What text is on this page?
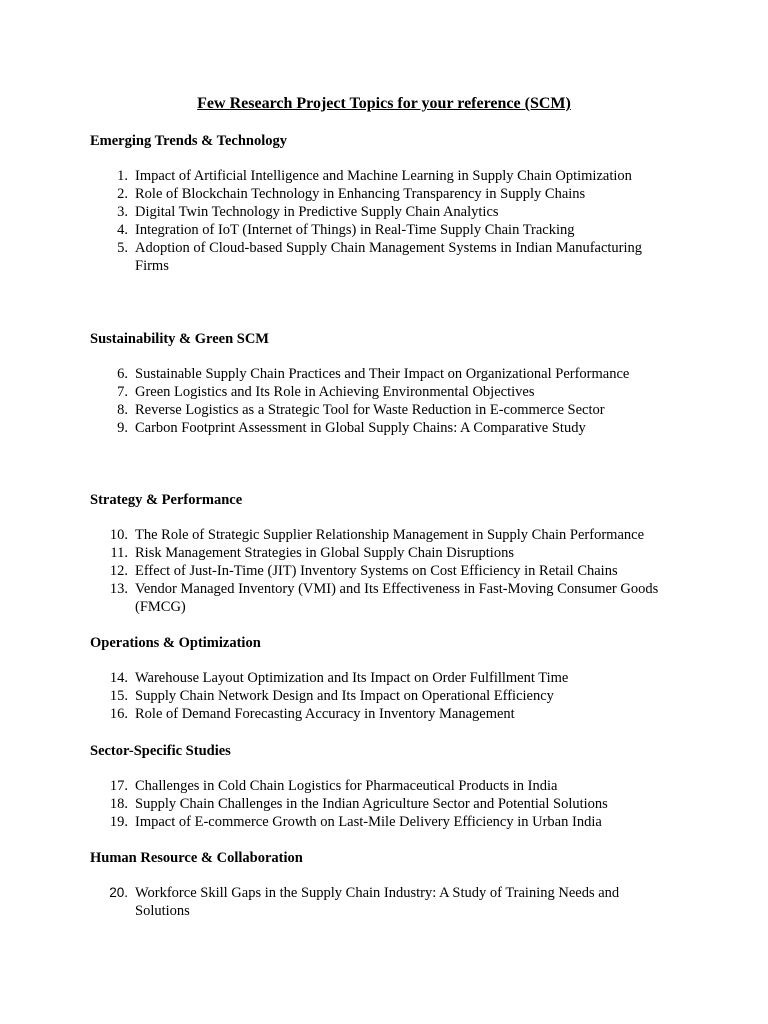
Few Research Project Topics for your reference (SCM)
Emerging Trends & Technology
1. Impact of Artificial Intelligence and Machine Learning in Supply Chain Optimization
2. Role of Blockchain Technology in Enhancing Transparency in Supply Chains
3. Digital Twin Technology in Predictive Supply Chain Analytics
4. Integration of IoT (Internet of Things) in Real-Time Supply Chain Tracking
5. Adoption of Cloud-based Supply Chain Management Systems in Indian Manufacturing Firms
Sustainability & Green SCM
6. Sustainable Supply Chain Practices and Their Impact on Organizational Performance
7. Green Logistics and Its Role in Achieving Environmental Objectives
8. Reverse Logistics as a Strategic Tool for Waste Reduction in E-commerce Sector
9. Carbon Footprint Assessment in Global Supply Chains: A Comparative Study
Strategy & Performance
10. The Role of Strategic Supplier Relationship Management in Supply Chain Performance
11. Risk Management Strategies in Global Supply Chain Disruptions
12. Effect of Just-In-Time (JIT) Inventory Systems on Cost Efficiency in Retail Chains
13. Vendor Managed Inventory (VMI) and Its Effectiveness in Fast-Moving Consumer Goods (FMCG)
Operations & Optimization
14. Warehouse Layout Optimization and Its Impact on Order Fulfillment Time
15. Supply Chain Network Design and Its Impact on Operational Efficiency
16. Role of Demand Forecasting Accuracy in Inventory Management
Sector-Specific Studies
17. Challenges in Cold Chain Logistics for Pharmaceutical Products in India
18. Supply Chain Challenges in the Indian Agriculture Sector and Potential Solutions
19. Impact of E-commerce Growth on Last-Mile Delivery Efficiency in Urban India
Human Resource & Collaboration
20. Workforce Skill Gaps in the Supply Chain Industry: A Study of Training Needs and Solutions
